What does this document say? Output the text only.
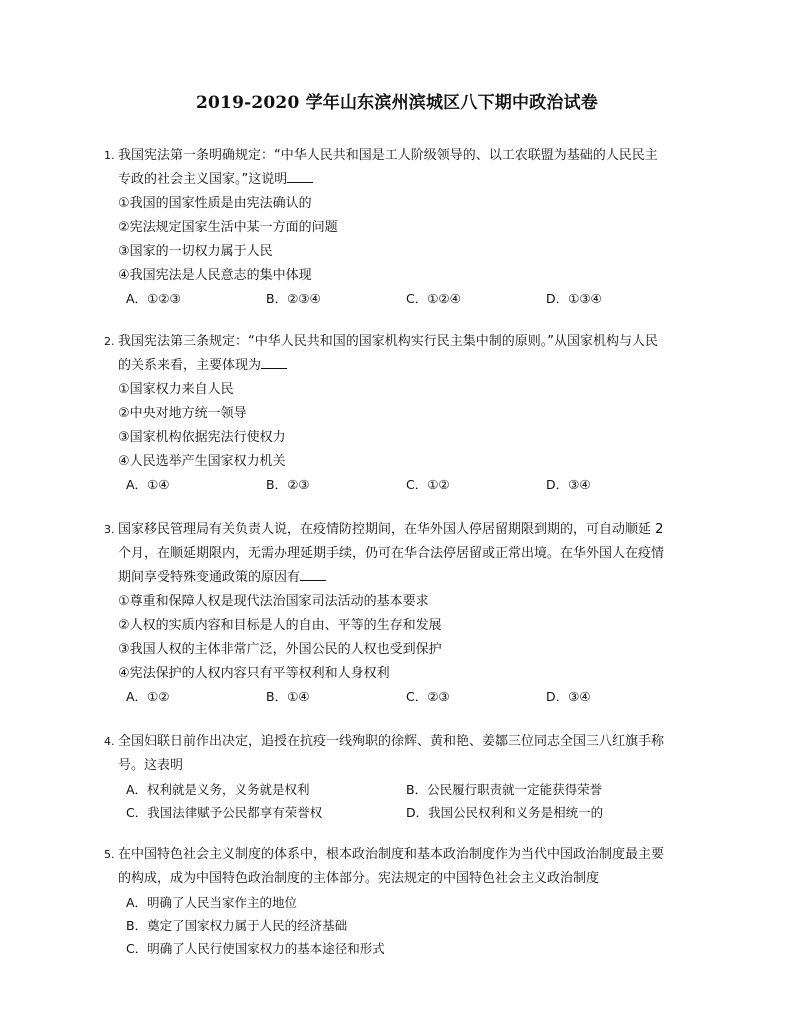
2019-2020 学年山东滨州滨城区八下期中政治试卷
1. 我国宪法第一条明确规定：“中华人民共和国是工人阶级领导的、以工农联盟为基础的人民民主
专政的社会主义国家。”这说明
①我国的国家性质是由宪法确认的
②宪法规定国家生活中某一方面的问题
③国家的一切权力属于人民
④我国宪法是人民意志的集中体现
A．①②③	B．②③④	C．①②④	D．①③④
2. 我国宪法第三条规定：“中华人民共和国的国家机构实行民主集中制的原则。”从国家机构与人民
的关系来看，主要体现为
①国家权力来自人民
②中央对地方统一领导
③国家机构依据宪法行使权力
④人民选举产生国家权力机关
A．①④	B．②③	C．①②	D．③④
3. 国家移民管理局有关负责人说，在疫情防控期间，在华外国人停居留期限到期的，可自动顺延 2
个月，在顺延期限内，无需办理延期手续，仍可在华合法停居留或正常出境。在华外国人在疫情
期间享受特殊变通政策的原因有
①尊重和保障人权是现代法治国家司法活动的基本要求
②人权的实质内容和目标是人的自由、平等的生存和发展
③我国人权的主体非常广泛，外国公民的人权也受到保护
④宪法保护的人权内容只有平等权利和人身权利
A．①②	B．①④	C．②③	D．③④
4. 全国妇联日前作出决定，追授在抗疫一线殉职的徐辉、黄和艳、姜鄒三位同志全国三八红旗手称
号。这表明
A．权利就是义务，义务就是权利	B．公民履行职责就一定能获得荣誉
C．我国法律赋予公民都享有荣誉权	D．我国公民权利和义务是相统一的
5. 在中国特色社会主义制度的体系中，根本政治制度和基本政治制度作为当代中国政治制度最主要
的构成，成为中国特色政治制度的主体部分。宪法规定的中国特色社会主义政治制度
A．明确了人民当家作主的地位
B．奠定了国家权力属于人民的经济基础
C．明确了人民行使国家权力的基本途径和形式
